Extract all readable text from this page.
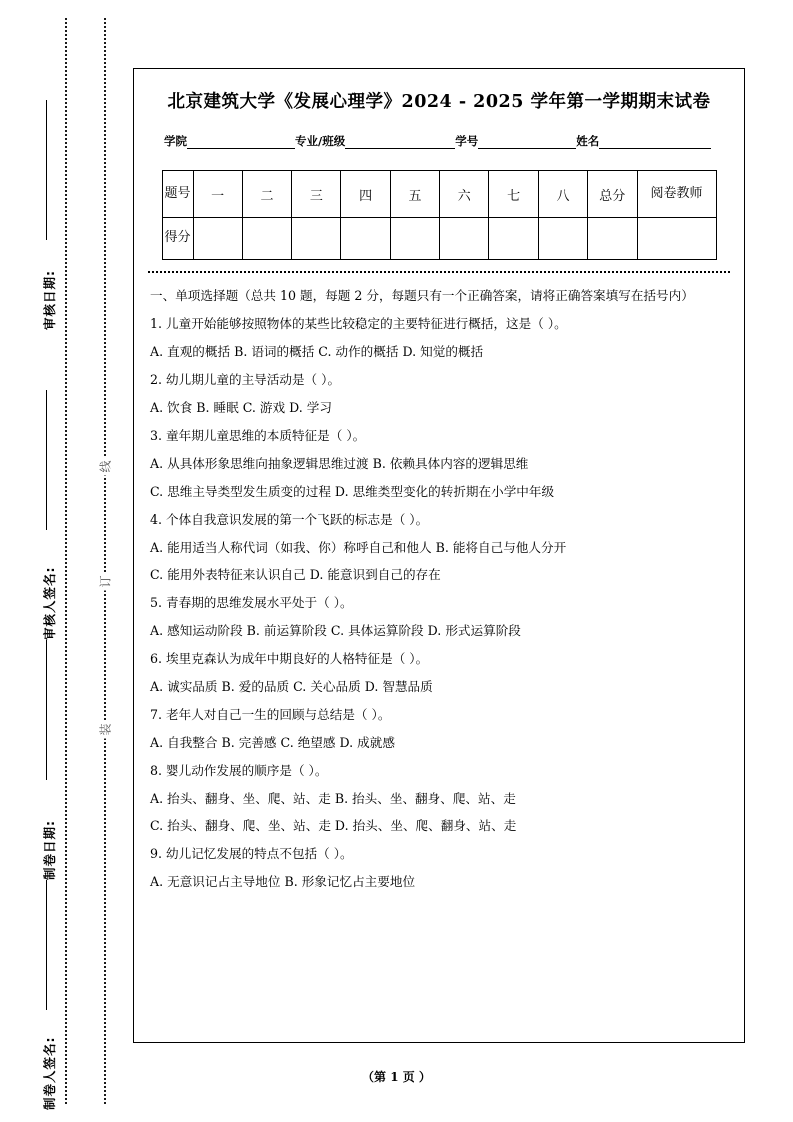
审核日期:
审核人签名:
制卷日期:
制卷人签名:
线
订
装
北京建筑大学《发展心理学》2024 - 2025 学年第一学期期末试卷
学院	专业/班级	学号	姓名
题号	一	二	三	四	五	六	七	八	总分	阅卷教师
得分										
一、单项选择题（总共 10 题，每题 2 分，每题只有一个正确答案，请将正确答案填写在括号内）
1. 儿童开始能够按照物体的某些比较稳定的主要特征进行概括，这是（ ）。
A. 直观的概括 B. 语词的概括 C. 动作的概括 D. 知觉的概括
2. 幼儿期儿童的主导活动是（ ）。
A. 饮食 B. 睡眠 C. 游戏 D. 学习
3. 童年期儿童思维的本质特征是（ ）。
A. 从具体形象思维向抽象逻辑思维过渡 B. 依赖具体内容的逻辑思维
C. 思维主导类型发生质变的过程 D. 思维类型变化的转折期在小学中年级
4. 个体自我意识发展的第一个飞跃的标志是（ ）。
A. 能用适当人称代词（如我、你）称呼自己和他人 B. 能将自己与他人分开
C. 能用外表特征来认识自己 D. 能意识到自己的存在
5. 青春期的思维发展水平处于（ ）。
A. 感知运动阶段 B. 前运算阶段 C. 具体运算阶段 D. 形式运算阶段
6. 埃里克森认为成年中期良好的人格特征是（ ）。
A. 诚实品质 B. 爱的品质 C. 关心品质 D. 智慧品质
7. 老年人对自己一生的回顾与总结是（ ）。
A. 自我整合 B. 完善感 C. 绝望感 D. 成就感
8. 婴儿动作发展的顺序是（ ）。
A. 抬头、翻身、坐、爬、站、走 B. 抬头、坐、翻身、爬、站、走
C. 抬头、翻身、爬、坐、站、走 D. 抬头、坐、爬、翻身、站、走
9. 幼儿记忆发展的特点不包括（ ）。
A. 无意识记占主导地位 B. 形象记忆占主要地位
（第 1 页 ）
